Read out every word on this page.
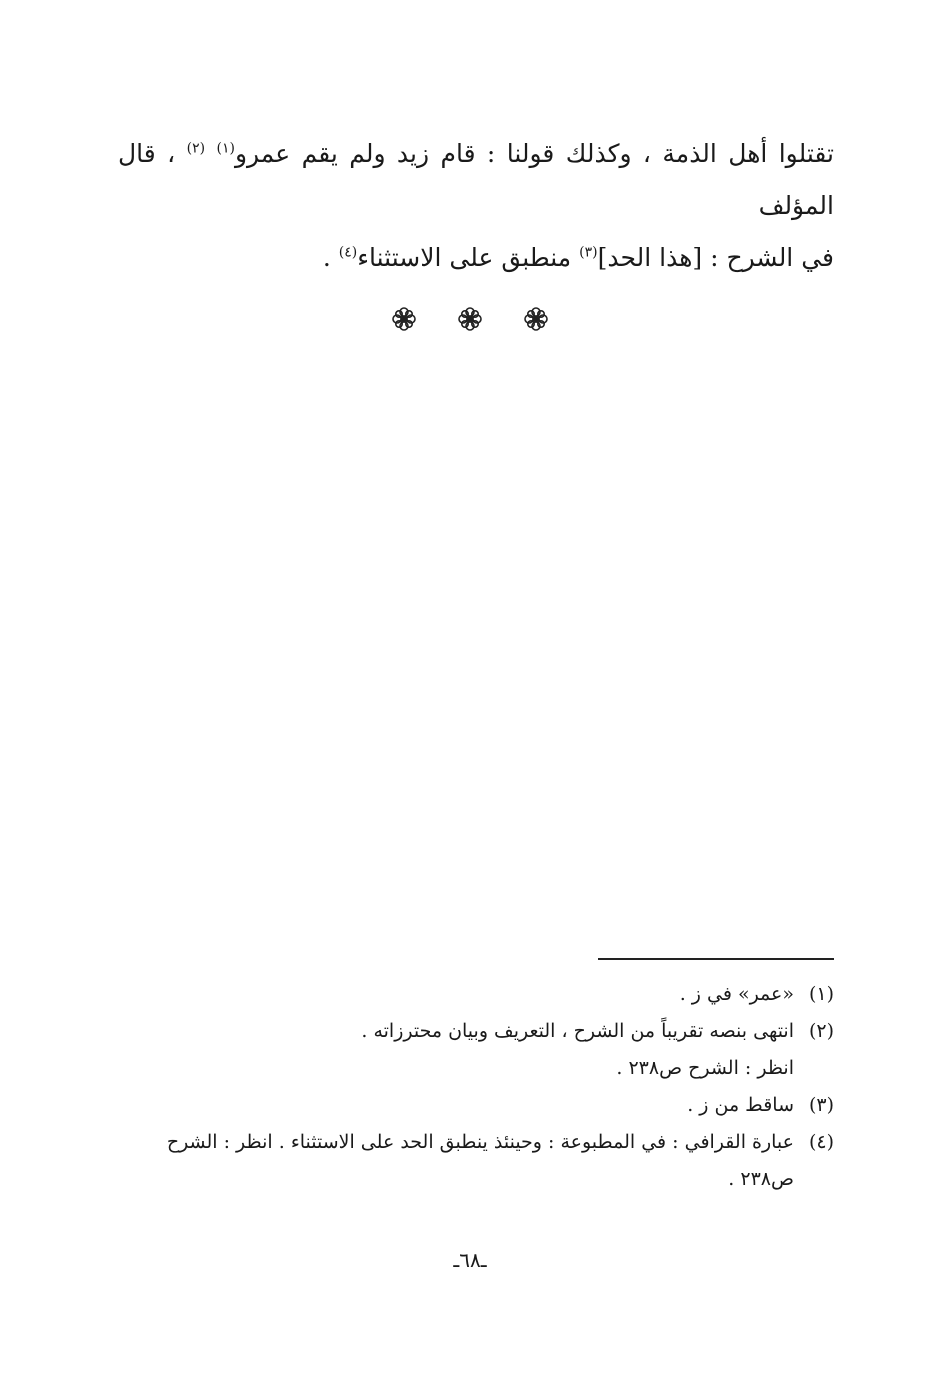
تقتلوا أهل الذمة ، وكذلك قولنا : قام زيد ولم يقم عمرو$^{(١)}$ $^{(٢)}$ ، قال المؤلف

في الشرح : [هذا الحد]$^{(٣)}$ منطبق على الاستثناء$^{(٤)}$ .

(١)
«عمر» في ز .
(٢)
انتهى بنصه تقريباً من الشرح ، التعريف وبيان محترزاته .
انظر : الشرح ص٢٣٨ .
(٣)
ساقط من ز .
(٤)
عبارة القرافي : في المطبوعة : وحينئذ ينطبق الحد على الاستثناء . انظر : الشرح
ص٢٣٨ .
ـ٦٨ـ
